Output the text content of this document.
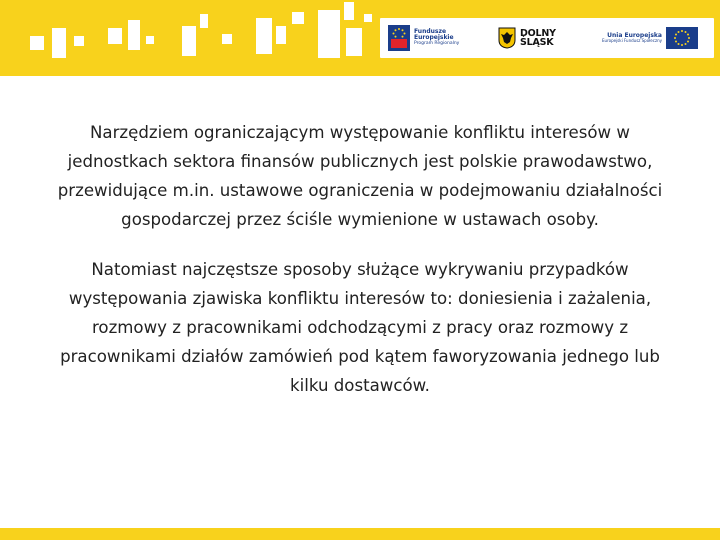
Fundusze
Europejskie
Program Regionalny
DOLNY
ŚLĄSK
Unia Europejska
Europejski Fundusz Społeczny

Narzędziem ograniczającym występowanie konfliktu interesów w jednostkach sektora finansów publicznych jest polskie prawodawstwo, przewidujące m.in. ustawowe ograniczenia w podejmowaniu działalności gospodarczej przez ściśle wymienione w ustawach osoby.

Natomiast najczęstsze sposoby służące wykrywaniu przypadków występowania zjawiska konfliktu interesów to: doniesienia i zażalenia, rozmowy z pracownikami odchodzącymi z pracy oraz rozmowy z pracownikami działów zamówień pod kątem faworyzowania jednego lub kilku dostawców.
